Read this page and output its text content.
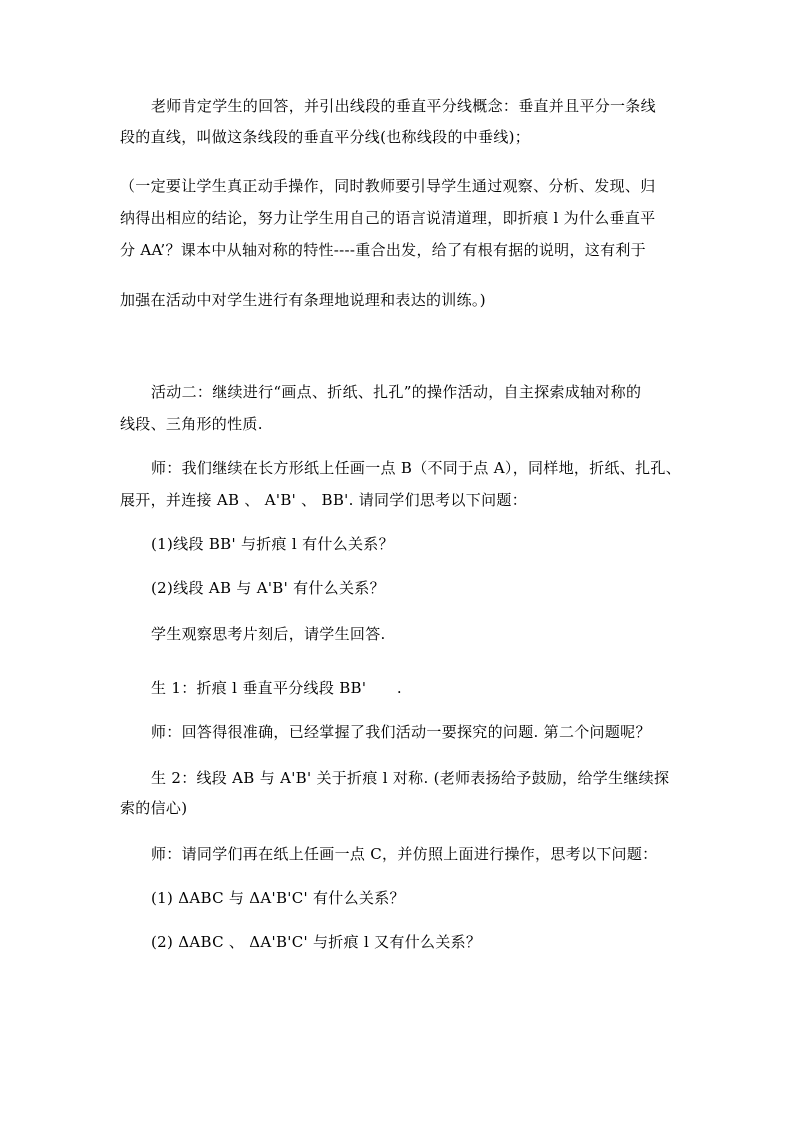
老师肯定学生的回答，并引出线段的垂直平分线概念：垂直并且平分一条线
段的直线，叫做这条线段的垂直平分线(也称线段的中垂线)；
（一定要让学生真正动手操作，同时教师要引导学生通过观察、分析、发现、归
纳得出相应的结论，努力让学生用自己的语言说清道理，即折痕 l 为什么垂直平
分 AA’？课本中从轴对称的特性----重合出发，给了有根有据的说明，这有利于
加强在活动中对学生进行有条理地说理和表达的训练。)
活动二：继续进行“画点、折纸、扎孔”的操作活动，自主探索成轴对称的
线段、三角形的性质.
师：我们继续在长方形纸上任画一点 B（不同于点 A），同样地，折纸、扎孔、
展开，并连接 AB 、 A'B' 、 BB'. 请同学们思考以下问题：
(1)线段 BB' 与折痕 l 有什么关系？
(2)线段 AB 与 A'B' 有什么关系？
学生观察思考片刻后，请学生回答.
生 1：折痕 l 垂直平分线段 BB'　　.
师：回答得很准确，已经掌握了我们活动一要探究的问题. 第二个问题呢？
生 2：线段 AB 与 A'B' 关于折痕 l 对称. (老师表扬给予鼓励，给学生继续探
索的信心)
师：请同学们再在纸上任画一点 C，并仿照上面进行操作，思考以下问题：
(1) ΔABC 与 ΔA'B'C' 有什么关系？
(2) ΔABC 、 ΔA'B'C' 与折痕 l 又有什么关系？
